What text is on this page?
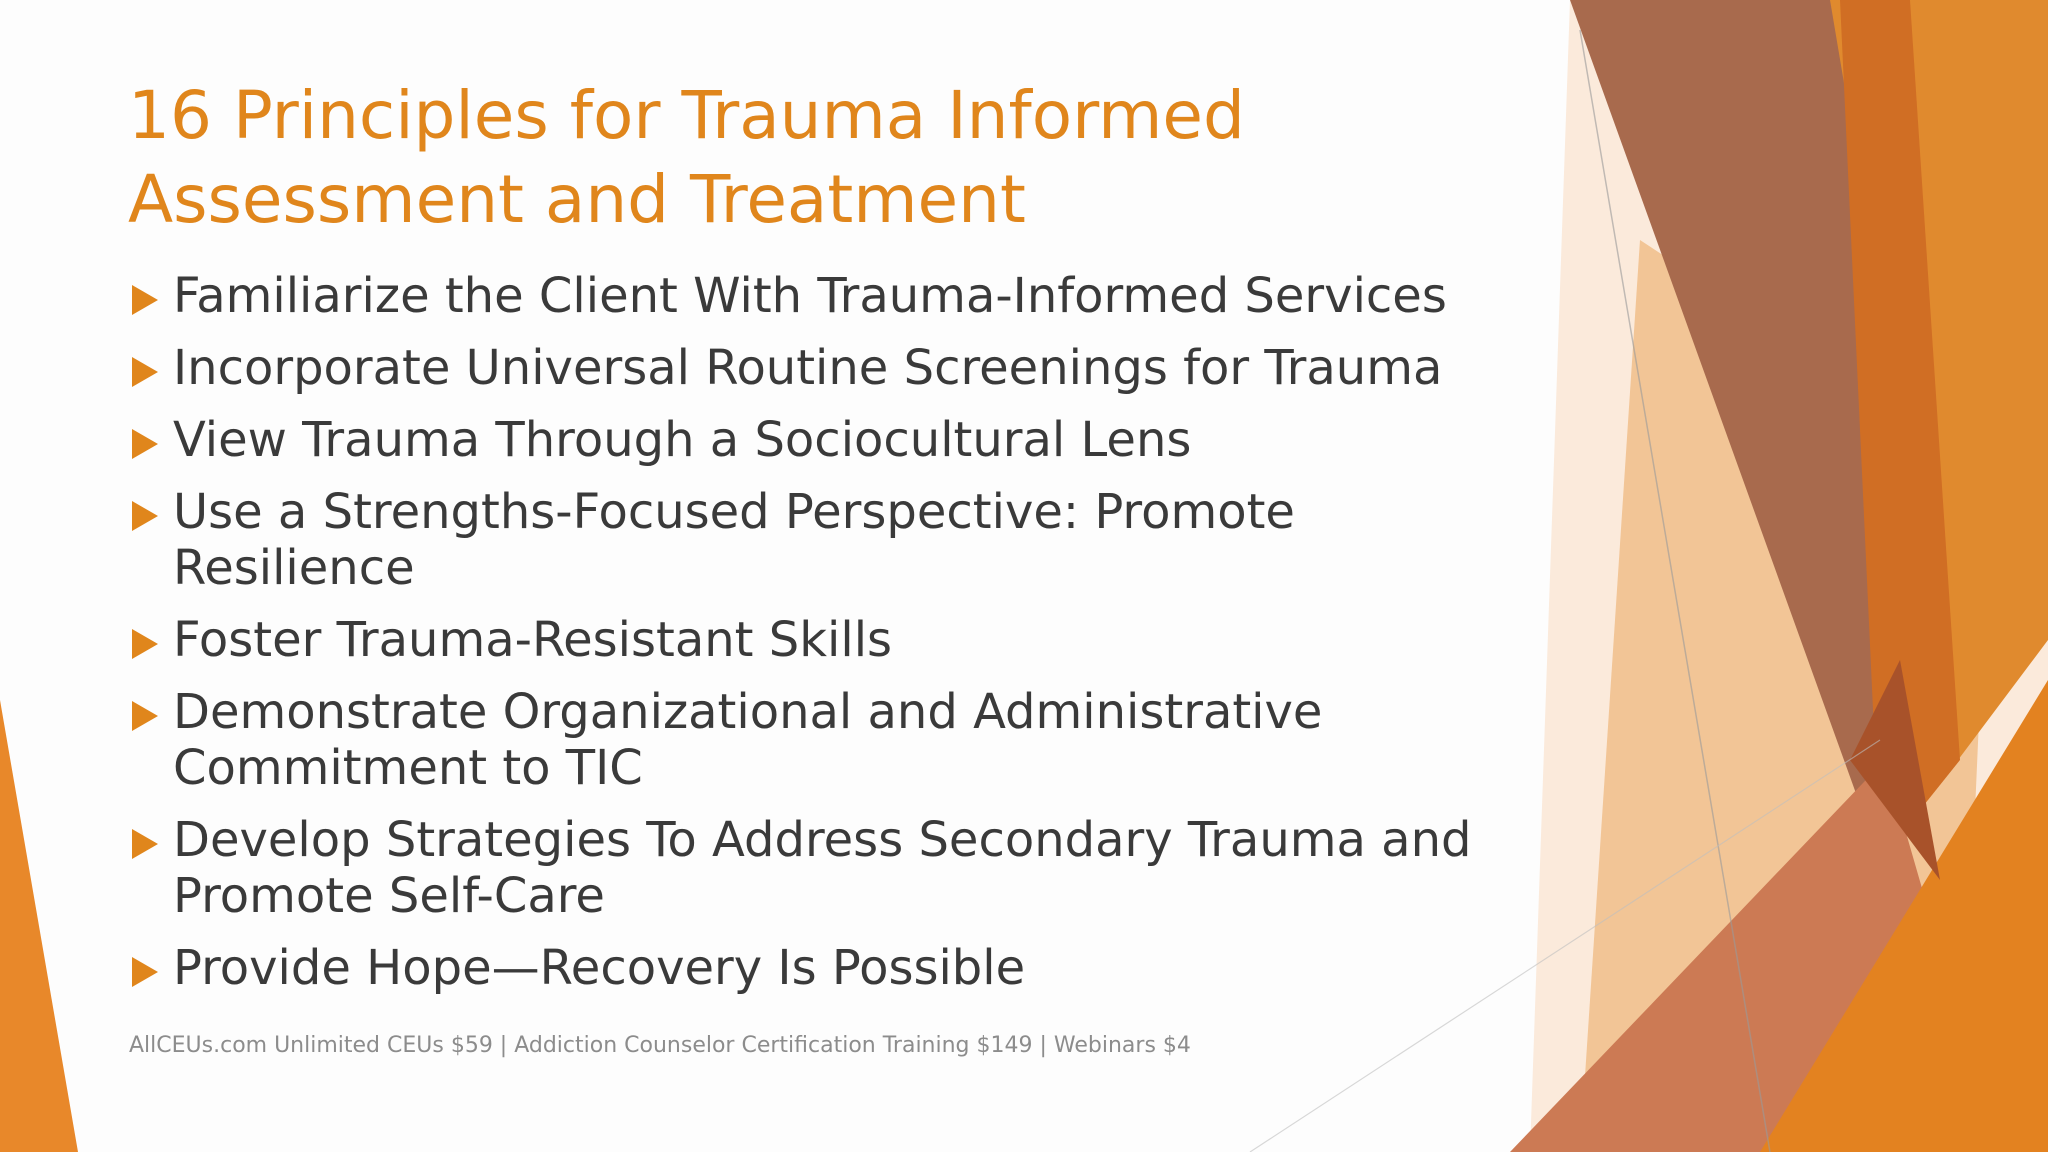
16 Principles for Trauma Informed Assessment and Treatment
Familiarize the Client With Trauma-Informed Services
Incorporate Universal Routine Screenings for Trauma
View Trauma Through a Sociocultural Lens
Use a Strengths-Focused Perspective: Promote Resilience
Foster Trauma-Resistant Skills
Demonstrate Organizational and Administrative Commitment to TIC
Develop Strategies To Address Secondary Trauma and Promote Self-Care
Provide Hope—Recovery Is Possible

AllCEUs.com Unlimited CEUs $59 | Addiction Counselor Certification Training $149 | Webinars $4
